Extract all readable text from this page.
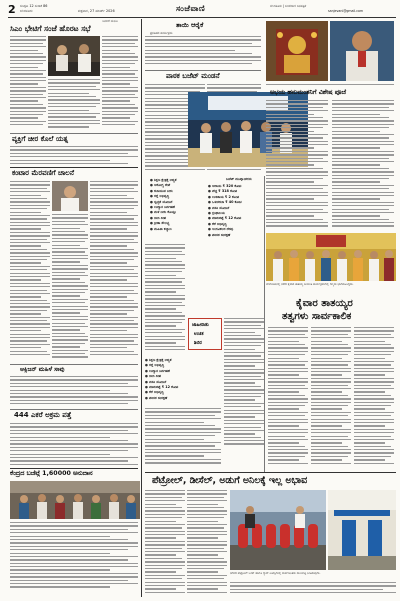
2 ಸಂಪುಟ 12 ಸಂಚಿಕೆ 86
ಬೆಂಗಳೂರು	ಶುಕ್ರವಾರ, 27 ಮಾರ್ಚ್ 2026	ಸಂಜೆವಾಣಿ	ಬೆಂಗಳೂರು | ಸಂಜೆವಾಣಿ ದಿನಪತ್ರಿಕೆ
sanjevani@gmail.com
ಜನರಿಗೆ ಮನವಿ
ಸಿಎಂ ಭೇಟಿಗೆ ಸಂಜೆ ಹೊರಟ ಸಭೆ
ವ್ಯಕ್ತಿಗೆ ಚೀರ ಕೊಲೆ ಯತ್ನ
ಕಂಟಾರ ಮೆರವಣಿಗೆ ಚಾಲನೆ
ಆಕ್ಸಿಜನ್ ಮಹಿಳೆ ಸಾವು
444 ಎಕರೆ ಅಕ್ರಮ ಪತ್ತೆ
ಕೆಂದ್ರದ ಬಜೆಟ್ಗೆ 1,60000 ಅನುದಾನ
ತಾಯಿ ಆರೈಕೆ
ಪ್ರಗತಿಪರ ಕಾರ್ಯಕ್ರಮ
ಪಾಠಕ ಬಜೆಟ್ ಮಂಡನೆ
ಬಜೆಟ್ ಮುಖ್ಯಾಂಶಗಳು
● ಶಿಕ್ಷಣ ಕ್ಷೇತ್ರಕ್ಕೆ ಆದ್ಯತೆ
● ಆರೋಗ್ಯ ಸೇವೆ
● ಕುಡಿಯುವ ನೀರು
● ರಸ್ತೆ ಅಭಿವೃದ್ಧಿ
● ಸ್ವಚ್ಛತೆ ಯೋಜನೆ
● ಉದ್ಯಾನ ನಿರ್ವಹಣೆ
● ಮಳೆ ನೀರು ಕೊಯ್ಲು
● ಬೀದಿ ದೀಪ
● ಕ್ರೀಡಾ ಸೌಲಭ್ಯ
● ಮಹಿಳಾ ಕಲ್ಯಾಣ
● ಆದಾಯ ₹ 320 ಕೋಟಿ
● ವೆಚ್ಚ ₹ 318 ಕೋಟಿ
● ಉಳಿತಾಯ ₹ 2 ಕೋಟಿ
● ಒಳಚರಂಡಿ ₹ 40 ಕೋಟಿ
● ವಸತಿ ಯೋಜನೆ
● ಗ್ರಂಥಾಲಯ
● ಮಾರುಕಟ್ಟೆ ₹ 12 ಕೋಟಿ
● ಕೆರೆ ಅಭಿವೃದ್ಧಿ
● ಅಂಗವಿಕಲರ ನೆರವು
● ಪರಿಸರ ಸಂರಕ್ಷಣೆ
ಜಾಹೀರಾತು
ಉಚಿತ
ಶಿಬಿರ
● ಶಿಕ್ಷಣ ಕ್ಷೇತ್ರಕ್ಕೆ ಆದ್ಯತೆ
● ರಸ್ತೆ ಅಭಿವೃದ್ಧಿ
● ಉದ್ಯಾನ ನಿರ್ವಹಣೆ
● ಬೀದಿ ದೀಪ
● ವಸತಿ ಯೋಜನೆ
● ಮಾರುಕಟ್ಟೆ ₹ 12 ಕೋಟಿ
● ಕೆರೆ ಅಭಿವೃದ್ಧಿ
● ಪರಿಸರ ಸಂರಕ್ಷಣೆ
ಅಭಯ ಹನುಮಂತನಿಗೆ ವಿಶೇಷ ಪೂಜೆ
ಬೆಂಗಳೂರಿನಲ್ಲಿ ನಡೆದ ಕೈವಾರ ತಾತಯ್ಯ ಜಯಂತಿ ಕಾರ್ಯಕ್ರಮದಲ್ಲಿ ಗಣ್ಯರು ಭಾಗವಹಿಸಿದ್ದರು.
ಕೈವಾರ ತಾತಯ್ಯರ
ತತ್ವಗಳು ಸಾರ್ವಕಾಲಿಕ
ಪೆಟ್ರೋಲ್, ಡೀಸೆಲ್, ಅಡುಗೆ ಅನಿಲಕ್ಕೆ ಇಲ್ಲ ಅಭಾವ
ನಗರದ ಪೆಟ್ರೋಲ್ ಬಂಕ್ ಹಾಗೂ ಗ್ಯಾಸ್ ಏಜೆನ್ಸಿಗಳಲ್ಲಿ ಸಾರ್ವಜನಿಕರು ಸಾಲುಗಟ್ಟಿ ನಿಂತಿರುವುದು.
